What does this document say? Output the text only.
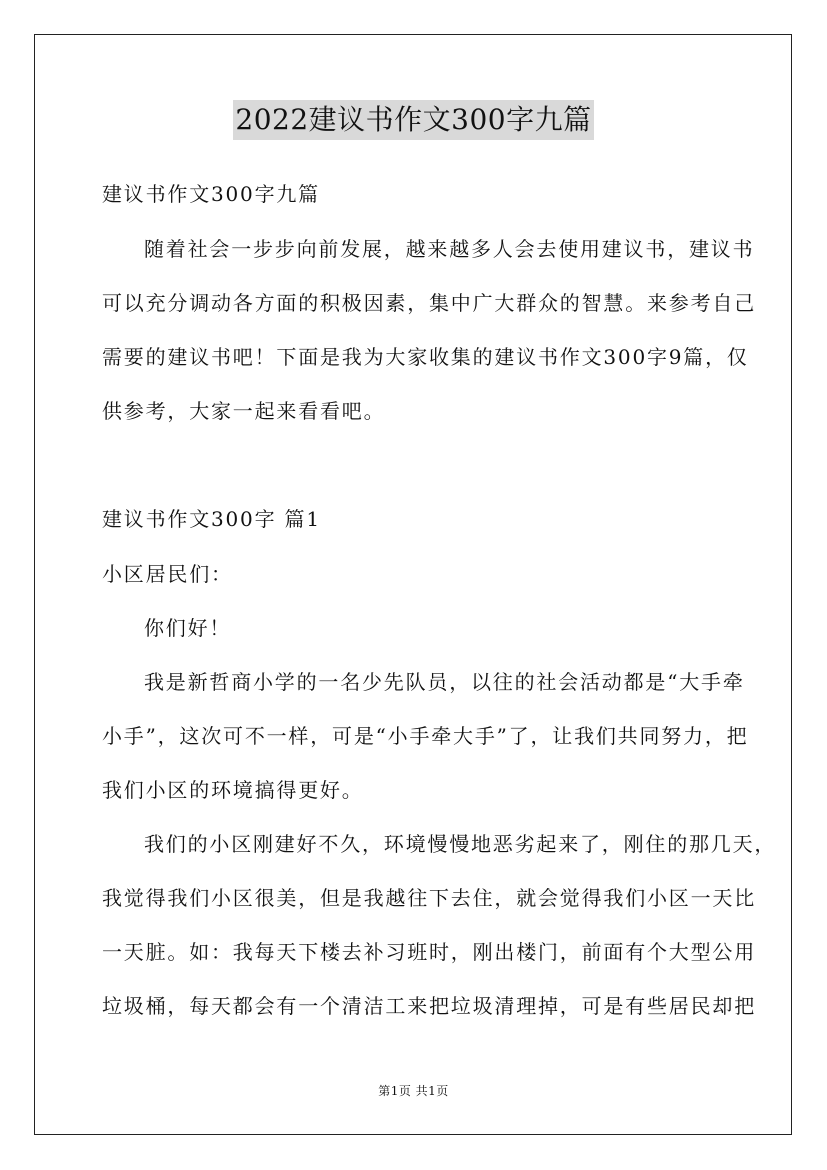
2022建议书作文300字九篇
建议书作文300字九篇
随着社会一步步向前发展，越来越多人会去使用建议书，建议书
可以充分调动各方面的积极因素，集中广大群众的智慧。来参考自己
需要的建议书吧！下面是我为大家收集的建议书作文300字9篇，仅
供参考，大家一起来看看吧。
建议书作文300字 篇1
小区居民们：
你们好！
我是新哲商小学的一名少先队员，以往的社会活动都是“大手牵
小手”，这次可不一样，可是“小手牵大手”了，让我们共同努力，把
我们小区的环境搞得更好。
我们的小区刚建好不久，环境慢慢地恶劣起来了，刚住的那几天，
我觉得我们小区很美，但是我越往下去住，就会觉得我们小区一天比
一天脏。如：我每天下楼去补习班时，刚出楼门，前面有个大型公用
垃圾桶，每天都会有一个清洁工来把垃圾清理掉，可是有些居民却把
第1页 共1页
